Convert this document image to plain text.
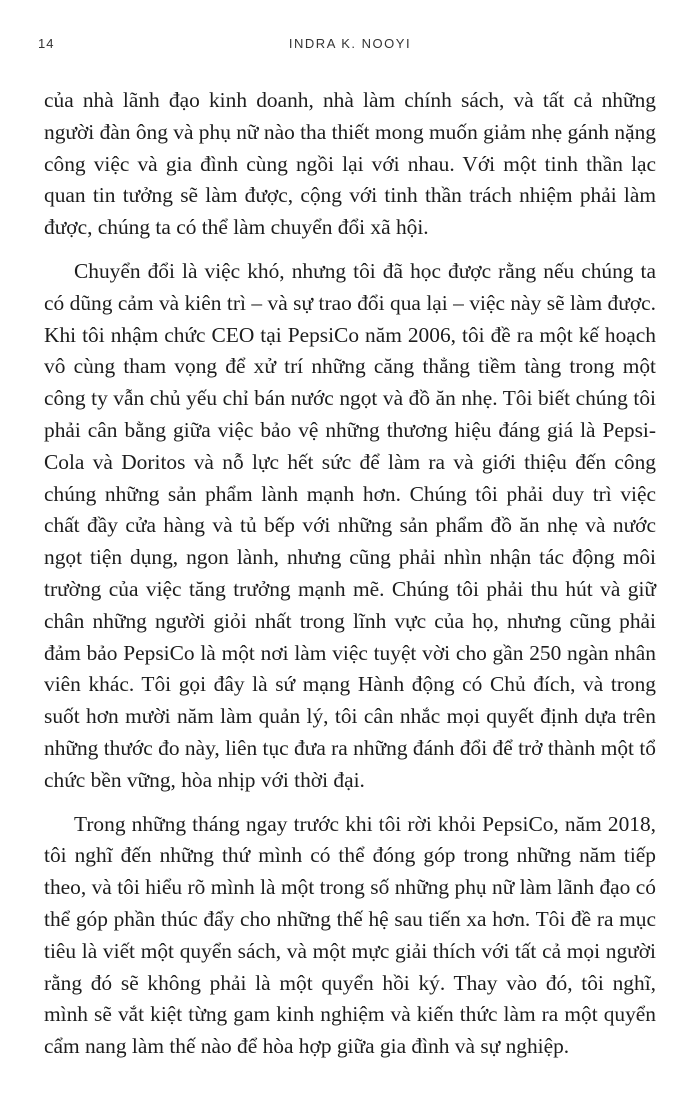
14	INDRA K. NOOYI

của nhà lãnh đạo kinh doanh, nhà làm chính sách, và tất cả những người đàn ông và phụ nữ nào tha thiết mong muốn giảm nhẹ gánh nặng công việc và gia đình cùng ngồi lại với nhau. Với một tinh thần lạc quan tin tưởng sẽ làm được, cộng với tinh thần trách nhiệm phải làm được, chúng ta có thể làm chuyển đổi xã hội.

Chuyển đổi là việc khó, nhưng tôi đã học được rằng nếu chúng ta có dũng cảm và kiên trì – và sự trao đổi qua lại – việc này sẽ làm được. Khi tôi nhậm chức CEO tại PepsiCo năm 2006, tôi đề ra một kế hoạch vô cùng tham vọng để xử trí những căng thẳng tiềm tàng trong một công ty vẫn chủ yếu chỉ bán nước ngọt và đồ ăn nhẹ. Tôi biết chúng tôi phải cân bằng giữa việc bảo vệ những thương hiệu đáng giá là Pepsi-Cola và Doritos và nỗ lực hết sức để làm ra và giới thiệu đến công chúng những sản phẩm lành mạnh hơn. Chúng tôi phải duy trì việc chất đầy cửa hàng và tủ bếp với những sản phẩm đồ ăn nhẹ và nước ngọt tiện dụng, ngon lành, nhưng cũng phải nhìn nhận tác động môi trường của việc tăng trưởng mạnh mẽ. Chúng tôi phải thu hút và giữ chân những người giỏi nhất trong lĩnh vực của họ, nhưng cũng phải đảm bảo PepsiCo là một nơi làm việc tuyệt vời cho gần 250 ngàn nhân viên khác. Tôi gọi đây là sứ mạng Hành động có Chủ đích, và trong suốt hơn mười năm làm quản lý, tôi cân nhắc mọi quyết định dựa trên những thước đo này, liên tục đưa ra những đánh đổi để trở thành một tổ chức bền vững, hòa nhịp với thời đại.

Trong những tháng ngay trước khi tôi rời khỏi PepsiCo, năm 2018, tôi nghĩ đến những thứ mình có thể đóng góp trong những năm tiếp theo, và tôi hiểu rõ mình là một trong số những phụ nữ làm lãnh đạo có thể góp phần thúc đẩy cho những thế hệ sau tiến xa hơn. Tôi đề ra mục tiêu là viết một quyển sách, và một mực giải thích với tất cả mọi người rằng đó sẽ không phải là một quyển hồi ký. Thay vào đó, tôi nghĩ, mình sẽ vắt kiệt từng gam kinh nghiệm và kiến thức làm ra một quyển cẩm nang làm thế nào để hòa hợp giữa gia đình và sự nghiệp.
